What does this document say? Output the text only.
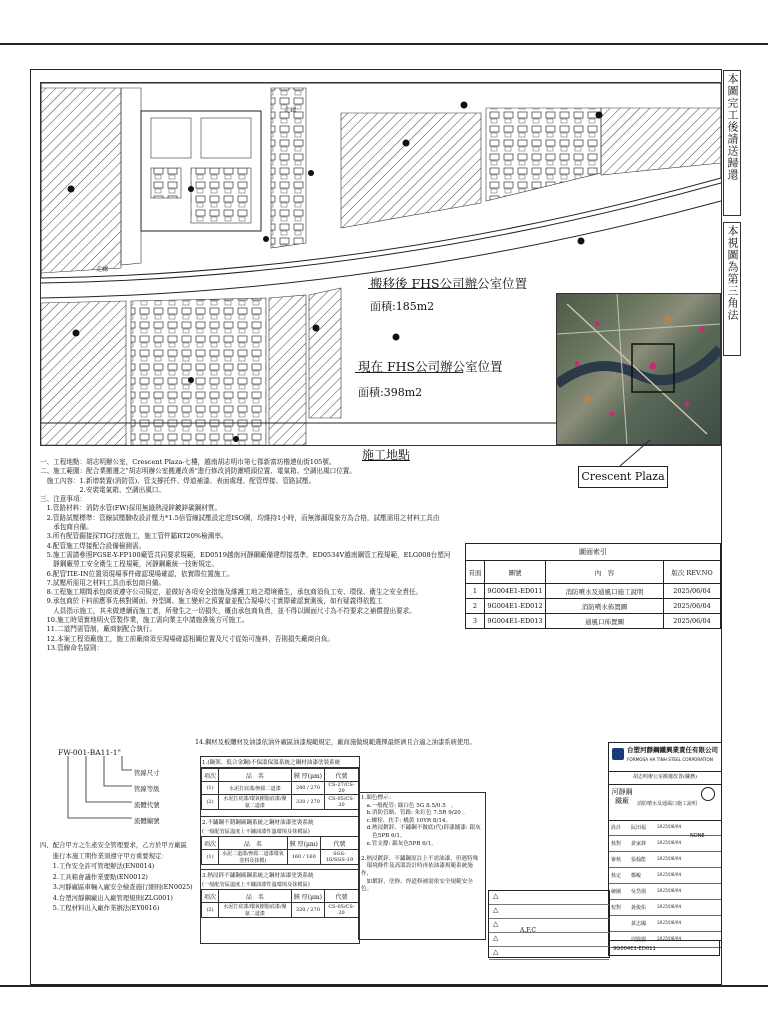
本圖完工後請送歸還
本視圖為第三角法
走廊
走廊
搬移後 FHS公司辦公室位置
面積:185m2
現在 FHS公司辦公室位置
面積:398m2
施工地點
Crescent Plaza
一、工程地點：胡志明辦公室，Crescent Plaza-七樓，越南胡志明市第七郡新富坊楷連仙街105號。
二、施工範圍：配合業搬遷之"胡志明辦公室搬遷改善"進行修改消防灑噴頭位置、電氣箱、空調出風口位置。
　施工內容：1.新增裝置(消防管)、管支撐托件、焊道補漆、表面處理、配管焊接、管路試壓。
　　　　　　2.安裝電氣箱、空調出風口。
三、注意事項：
　1.管路材料：消防水管(FW)採用無縫熱浸鋅鍍鋅碳鋼材質。
　2.管路試壓標準：管線試壓驗收設計壓力*1.5倍管線試壓設定范ISO圖，均維持1小時，而無滲漏現象方為合格，試壓需用之材料工具由
　　承包商自備。
　3.所有配管鋸接採TIG打底施工，施工管件鐳RT20%檢測率。
　4.配管施工焊接配合設備檢測需。
　5.施工需請參照FGSE-Y-FP100廠管共同要求規範，ED0519越南河靜鋼廠備建焊接基準，ED0534V越南鋼管工程規範，ELG008台塑河
　　靜鋼廠勞工安全衛生工程規範，河靜鋼廠統一技術規定。
　6.配管TIE-IN位置須現場事件確認現場確認，依實際位置施工。
　7.試壓所需用之材料工具由承包商自備。
　8.工程施工期間承包商須遵守公司規定，並做好各項安全措施及維護工地之環境衛生，承包商須負工安、環保、衛生之安全責任。
　9.承包商於下料前應事先核對圖面、外型圖、施工變形之預置量並配合現場尺寸實際確認實測後，如有疑義得依監工
　　人員指示施工，其未做連續而施工者，所發生之一切損失，概由承包商負責，並不得以圖面尺寸為不符要求之補償提出要求。
　10.施工時須實地明火管製作業，施工需向業主申請施准後方可施工。
　11.二道門需管制，廠商制配合執行。
　12.本案工程須廠施工，施工前廠商須至現場確認相關位置及尺寸從始可施料，否則損失廠商自負。
　13.管線命名原則：
FW-001-BA11-1"
管線尺寸
管線等級
流體代號
流體編號
四、配合甲方之生產安全管理要求，乙方於甲方廠區
　　進行本施工期作業須遵守甲方重要規定：
　　1.工作安全許可管理辦法(EN0014)
　　2.工具箱會議作業要點(EN0012)
　　3.河靜廠區車輛入廠安全檢查施行細則(EN0025)
　　4.台塑河靜鋼廠出入廠管理規則(ZLG001)
　　5.工程材料出入廠作業辦法(EY0016)
圖面索引			
頁面	圖號	內　容	版次 REV.NO
1	9G004E1-ED011	消防噴水及通風口施工說明	2025/06/04
2	9G004E1-ED012	消防噴水佈置圖	2025/06/04
3	9G004E1-ED013	通風口佈置圖	2025/06/04
14.鋼材及板纜材及油漆依油外廠區油漆規範規定，廠商施做規範選擇最經濟且合適之油漆系統使用。
1.(鋼架、低合金鋼)不保溫保溫系統之鋼材油漆塗裝系統
項次	品　名	膜 厚(μm)	代號
(1)	水泥打底漆/無鉛二道漆	240 / 270	CS-27/CS-20
(2)	水泥打底漆/環氧樹脂底漆/聚氨二道漆	320 / 270	CS-05/CS-20
2.不鏽鋼不銹鋼碳鋼系統之鋼材油漆塗裝系統
(一般配管區溫度上不鏽油漆性溫環境及抹模區)
項次	品　名	膜 厚(μm)	代號
(1)	水泥二道漆/無鉛二道漆環氧塗料及抹模)	160 / 160	SGS-16/SGS-19
3.熱浸鋅不鏽鋼碳鋼系統之鋼材油漆塗裝系統
(一般配管區溫度上不鏽油漆性溫環境及抹模區)
項次	品　名	膜 厚(μm)	代號
(2)	水泥打底漆/環氧樹脂底漆/聚氨二道漆	320 / 270	CS-05/CS-20
1.顏色標示：
　a.一般配管: 綠白色 5G 8.5/0.5　。
　b.消防管路、管路: 朱紅色 7.5R 9/20 。
　c.螺栓、扶手: 橘黃 10YR 8/14。
　d.熱浸鍍鋅、不鏽鋼不做底(代)鋅漆鋪漆: 銀灰
　　色5PB 6/1。
　e.管支撐: 銀灰色5PB 6/1。
2.熱浸鍍鋅、不鏽鋼原註上不需油漆，但遇特殊
　環境條件及高溫設計時再依油漆規範系統施作，
　如鍍鋅、塗修、焊道修補需依安全規範安全色。
台塑河靜鋼鐵興業責任有限公司
FORMOSA HA TINH STEEL CORPORATION
胡志明辦公室搬遷改善(職務)
河靜鋼鐵廠	消防噴水及通風口施工說明
設計 阮田福	2025/06/04
核對 黃家鋒	2025/06/04
審核 張翰能	2025/06/04
核定 鄭峻	2025/06/04
繪圖 吳岱揚	2025/06/04
校對 黃俊佑	2025/06/04
黃志國	2025/06/04
周賢麗	2025/06/04
9G004E1-ED011
△
△
△
△
△
A.F.C
NONE
